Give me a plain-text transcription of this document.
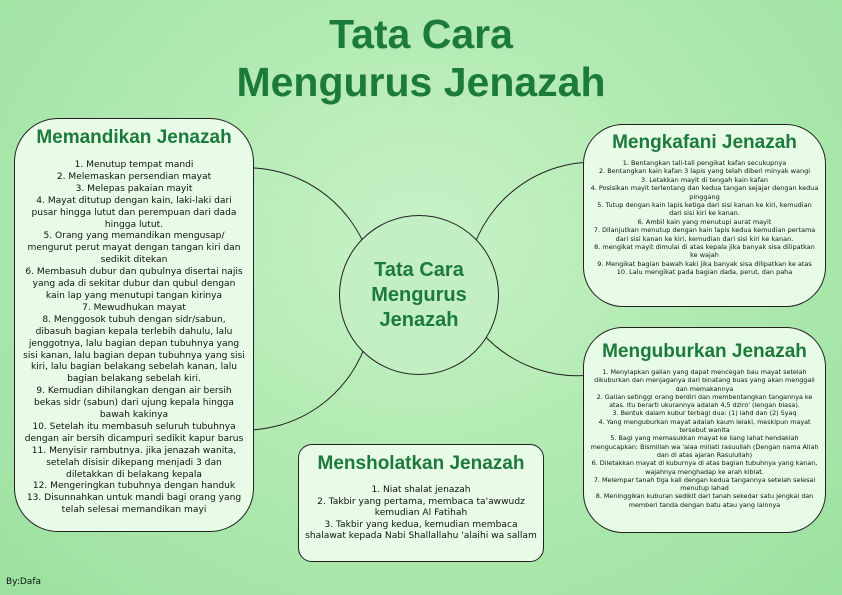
Tata Cara
Mengurus Jenazah
Memandikan Jenazah
1. Menutup tempat mandi
2. Melemaskan persendian mayat
3. Melepas pakaian mayit
4. Mayat ditutup dengan kain, laki-laki dari pusar hingga lutut dan perempuan dari dada hingga lutut.
5. Orang yang memandikan mengusap/ mengurut perut mayat dengan tangan kiri dan sedikit ditekan
6. Membasuh dubur dan qubulnya disertai najis yang ada di sekitar dubur dan qubul dengan kain lap yang menutupi tangan kirinya
7. Mewudhukan mayat
8. Menggosok tubuh dengan sidr/sabun, dibasuh bagian kepala terlebih dahulu, lalu jenggotnya, lalu bagian depan tubuhnya yang sisi kanan, lalu bagian depan tubuhnya yang sisi kiri, lalu bagian belakang sebelah kanan, lalu bagian belakang sebelah kiri.
9. Kemudian dihilangkan dengan air bersih bekas sidr (sabun) dari ujung kepala hingga bawah kakinya
10. Setelah itu membasuh seluruh tubuhnya dengan air bersih dicampuri sedikit kapur barus
11. Menyisir rambutnya. jika jenazah wanita, setelah disisir dikepang menjadi 3 dan diletakkan di belakang kepala
12. Mengeringkan tubuhnya dengan handuk
13. Disunnahkan untuk mandi bagi orang yang telah selesai memandikan mayi
Tata Cara
Mengurus
Jenazah
Mengkafani Jenazah
1. Bentangkan tali-tali pengikat kafan secukupnya
2. Bentangkan kain kafan 3 lapis yang telah diberi minyak wangi
3. Letakkan mayit di tengah kain kafan
4. Posisikan mayit terlentang dan kedua tangan sejajar dengan kedua pinggang
5. Tutup dengan kain lapis ketiga dari sisi kanan ke kiri, kemudian dari sisi kiri ke kanan.
6. Ambil kain yang menutupi aurat mayit
7. Dilanjutkan menutup dengan kain lapis kedua kemudian pertama dari sisi kanan ke kiri, kemudian dari sisi kiri ke kanan.
8. mengikat mayit dimulai di atas kepala jika banyak sisa dilipatkan ke wajah
9. Mengikat bagian bawah kaki jika banyak sisa dilipatkan ke atas
10. Lalu mengikat pada bagian dada, perut, dan paha
Menguburkan Jenazah
1. Menyiapkan galian yang dapat mencegah bau mayat setelah dikuburkan dan menjaganya dari binatang buas yang akan menggali dan memakannya
2. Galian setinggi orang berdiri dan membentangkan tangannya ke atas. Itu berarti ukurannya adalah 4,5 dziro' (lengan biasa).
3. Bentuk dalam kubur terbagi dua: (1) lahd dan (2) Syaq
4. Yang menguburkan mayat adalah kaum lelaki, meskipun mayat tersebut wanita
5. Bagi yang memasukkan mayat ke liang lahat hendaklah mengucapkan: Bismillah wa 'alaa millati rasuullah (Dengan nama Allah dan di atas ajaran Rasulullah)
6. Diletakkan mayat di kuburnya di atas bagian tubuhnya yang kanan, wajahnya menghadap ke arah kiblat.
7. Melempar tanah tiga kali dengan kedua tangannya setelah selesai menutup lahad
8. Meninggikan kuburan sedikit dari tanah sekedar satu jengkal dan memberi tanda dengan batu atau yang lainnya
Mensholatkan Jenazah
1. Niat shalat jenazah
2. Takbir yang pertama, membaca ta'awwudz kemudian Al Fatihah
3. Takbir yang kedua, kemudian membaca shalawat kepada Nabi Shallallahu 'alaihi wa sallam
By:Dafa
